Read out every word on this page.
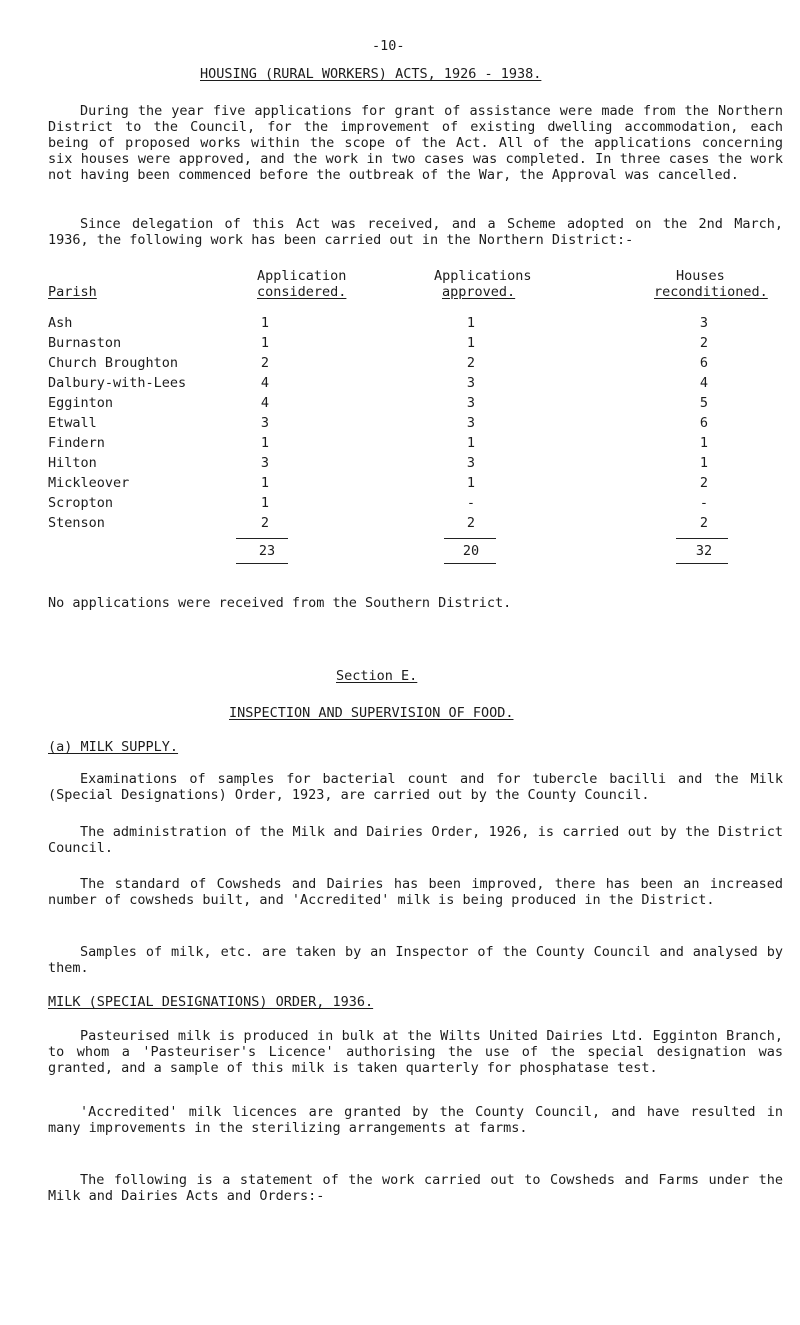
-10-
HOUSING (RURAL WORKERS) ACTS, 1926 - 1938.

During the year five applications for grant of assistance were made from the Northern District to the Council, for the improvement of existing dwelling accommodation, each being of proposed works within the scope of the Act. All of the applications concerning six houses were approved, and the work in two cases was completed. In three cases the work not having been commenced before the outbreak of the War, the Approval was cancelled.

Since delegation of this Act was received, and a Scheme adopted on the 2nd March, 1936, the following work has been carried out in the Northern District:-

Parish
Application
considered.
Applications
approved.
Houses
reconditioned.
Ash
Burnaston
Church Broughton
Dalbury-with-Lees
Egginton
Etwall
Findern
Hilton
Mickleover
Scropton
Stenson
1
1
2
4
4
3
1
3
1
1
2
1
1
2
3
3
3
1
3
1
-
2
3
2
6
4
5
6
1
1
2
-
2
23	20	32
No applications were received from the Southern District.
Section E.
INSPECTION AND SUPERVISION OF FOOD.
(a) MILK SUPPLY.

Examinations of samples for bacterial count and for tubercle bacilli and the Milk (Special Designations) Order, 1923, are carried out by the County Council.

The administration of the Milk and Dairies Order, 1926, is carried out by the District Council.

The standard of Cowsheds and Dairies has been improved, there has been an increased number of cowsheds built, and 'Accredited' milk is being produced in the District.

Samples of milk, etc. are taken by an Inspector of the County Council and analysed by them.

MILK (SPECIAL DESIGNATIONS) ORDER, 1936.

Pasteurised milk is produced in bulk at the Wilts United Dairies Ltd. Egginton Branch, to whom a 'Pasteuriser's Licence' authorising the use of the special designation was granted, and a sample of this milk is taken quarterly for phosphatase test.

'Accredited' milk licences are granted by the County Council, and have resulted in many improvements in the sterilizing arrangements at farms.

The following is a statement of the work carried out to Cowsheds and Farms under the Milk and Dairies Acts and Orders:-
